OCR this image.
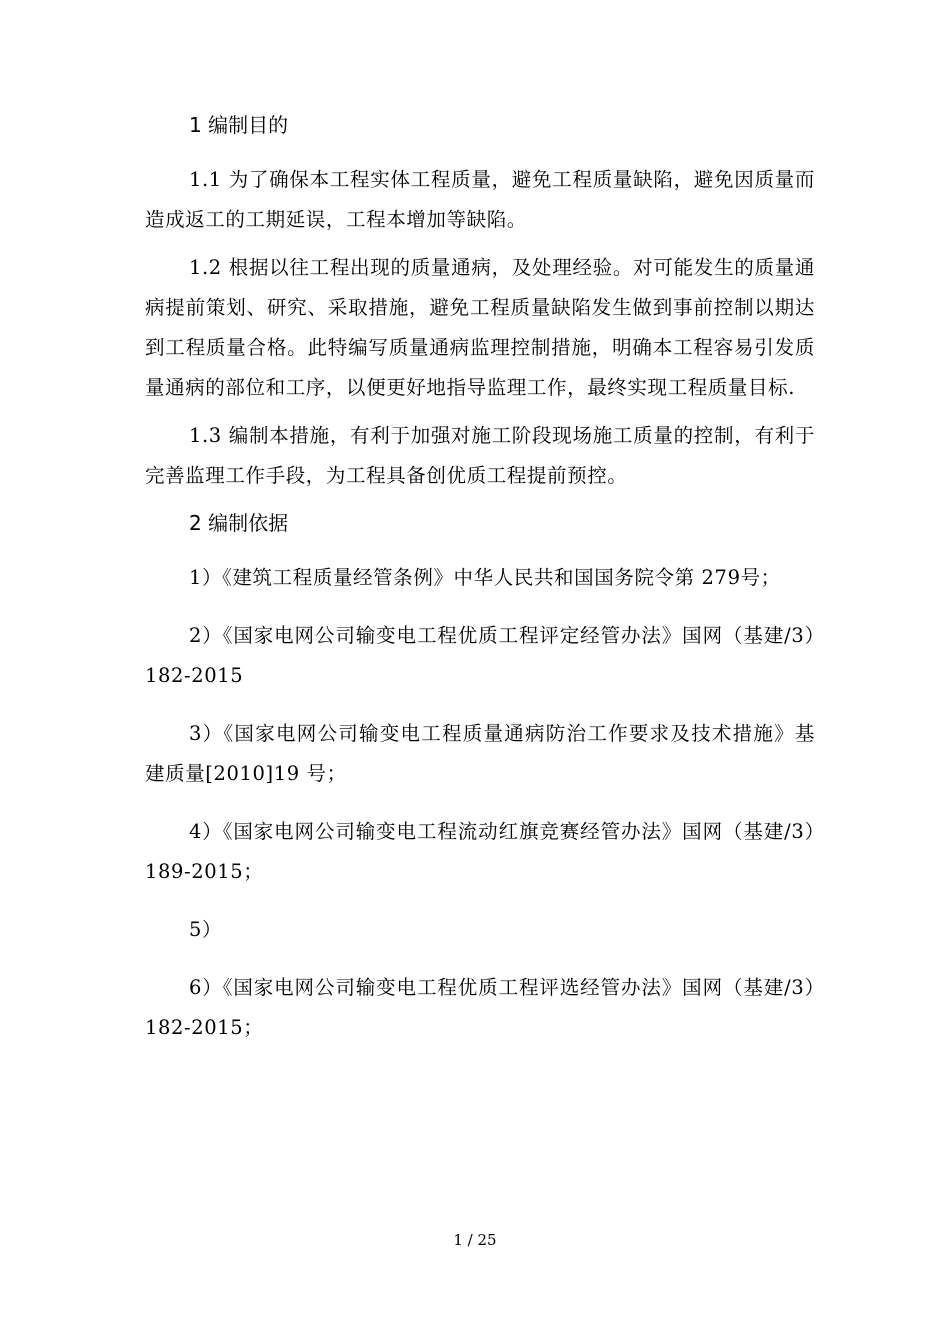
1 编制目的

1.1 为了确保本工程实体工程质量，避免工程质量缺陷，避免因质量而造成返工的工期延误，工程本增加等缺陷。

1.2 根据以往工程出现的质量通病，及处理经验。对可能发生的质量通病提前策划、研究、采取措施，避免工程质量缺陷发生做到事前控制以期达到工程质量合格。此特编写质量通病监理控制措施，明确本工程容易引发质量通病的部位和工序，以便更好地指导监理工作，最终实现工程质量目标.

1.3 编制本措施，有利于加强对施工阶段现场施工质量的控制，有利于完善监理工作手段，为工程具备创优质工程提前预控。

2 编制依据

1）《建筑工程质量经管条例》中华人民共和国国务院令第 279号；

2）《国家电网公司输变电工程优质工程评定经管办法》国网（基建/3）182-2015

3）《国家电网公司输变电工程质量通病防治工作要求及技术措施》基建质量[2010]19 号；

4）《国家电网公司输变电工程流动红旗竞赛经管办法》国网（基建/3）189-2015；

5）

6）《国家电网公司输变电工程优质工程评选经管办法》国网（基建/3）182-2015；

1 / 25
